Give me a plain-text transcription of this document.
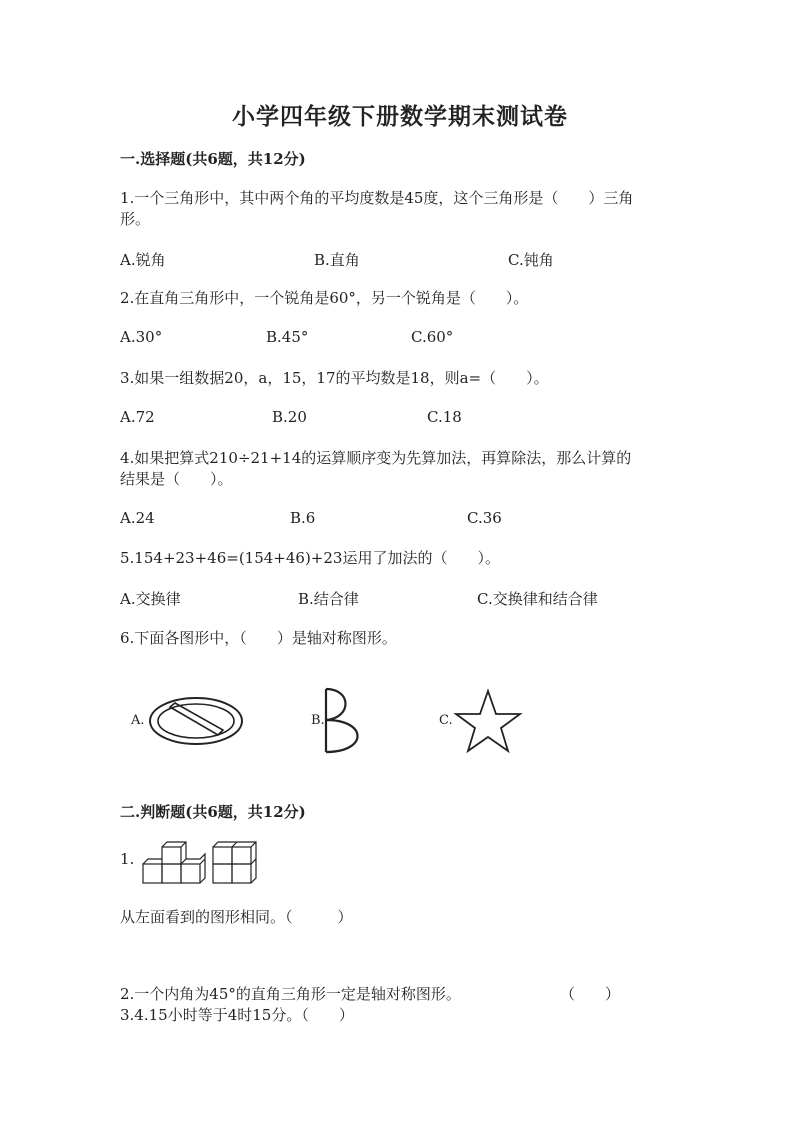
小学四年级下册数学期末测试卷
一.选择题(共6题，共12分)
1.一个三角形中，其中两个角的平均度数是45度，这个三角形是（　　）三角
形。
A.锐角	B.直角	C.钝角
2.在直角三角形中，一个锐角是60°，另一个锐角是（　　）。
A.30°	B.45°	C.60°
3.如果一组数据20，a，15，17的平均数是18，则a=（　　）。
A.72	B.20	C.18
4.如果把算式210÷21+14的运算顺序变为先算加法，再算除法，那么计算的
结果是（　　）。
A.24	B.6	C.36
5.154+23+46=(154+46)+23运用了加法的（　　）。
A.交换律	B.结合律	C.交换律和结合律
6.下面各图形中，（　　）是轴对称图形。
A.	B.	C.
二.判断题(共6题，共12分)
1.
从左面看到的图形相同。（　　　）
2.一个内角为45°的直角三角形一定是轴对称图形。	（　　）
3.4.15小时等于4时15分。（　　）
